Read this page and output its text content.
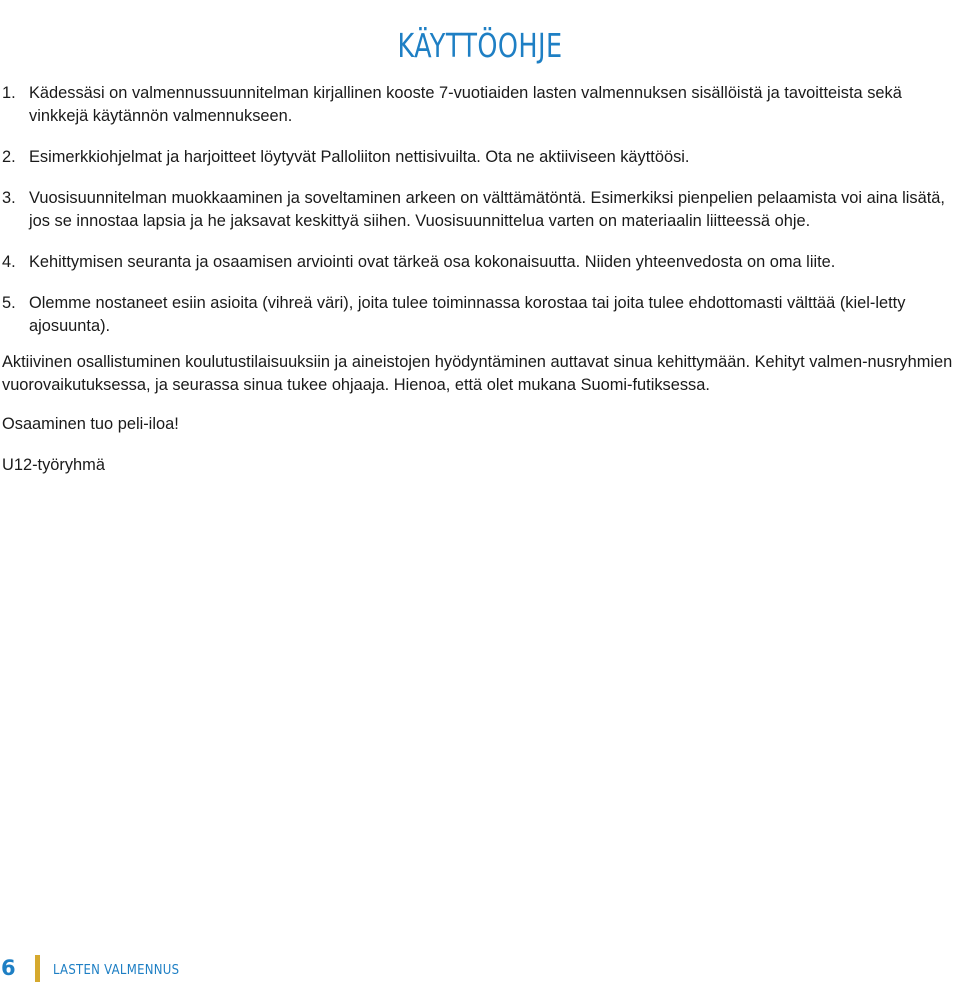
KÄYTTÖOHJE
1. Kädessäsi on valmennussuunnitelman kirjallinen kooste 7-vuotiaiden lasten valmennuksen sisällöistä ja tavoitteista sekä vinkkejä käytännön valmennukseen.
2. Esimerkkiohjelmat ja harjoitteet löytyvät Palloliiton nettisivuilta. Ota ne aktiiviseen käyttöösi.
3. Vuosisuunnitelman muokkaaminen ja soveltaminen arkeen on välttämätöntä. Esimerkiksi pienpelien pelaamista voi aina lisätä, jos se innostaa lapsia ja he jaksavat keskittyä siihen. Vuosisuunnittelua varten on materiaalin liitteessä ohje.
4. Kehittymisen seuranta ja osaamisen arviointi ovat tärkeä osa kokonaisuutta. Niiden yhteenvedosta on oma liite.
5. Olemme nostaneet esiin asioita (vihreä väri), joita tulee toiminnassa korostaa tai joita tulee ehdottomasti välttää (kiel-letty ajosuunta).

Aktiivinen osallistuminen koulutustilaisuuksiin ja aineistojen hyödyntäminen auttavat sinua kehittymään. Kehityt valmen-nusryhmien vuorovaikutuksessa, ja seurassa sinua tukee ohjaaja. Hienoa, että olet mukana Suomi-futiksessa.

Osaaminen tuo peli-iloa!

U12-työryhmä

6	LASTEN VALMENNUS
